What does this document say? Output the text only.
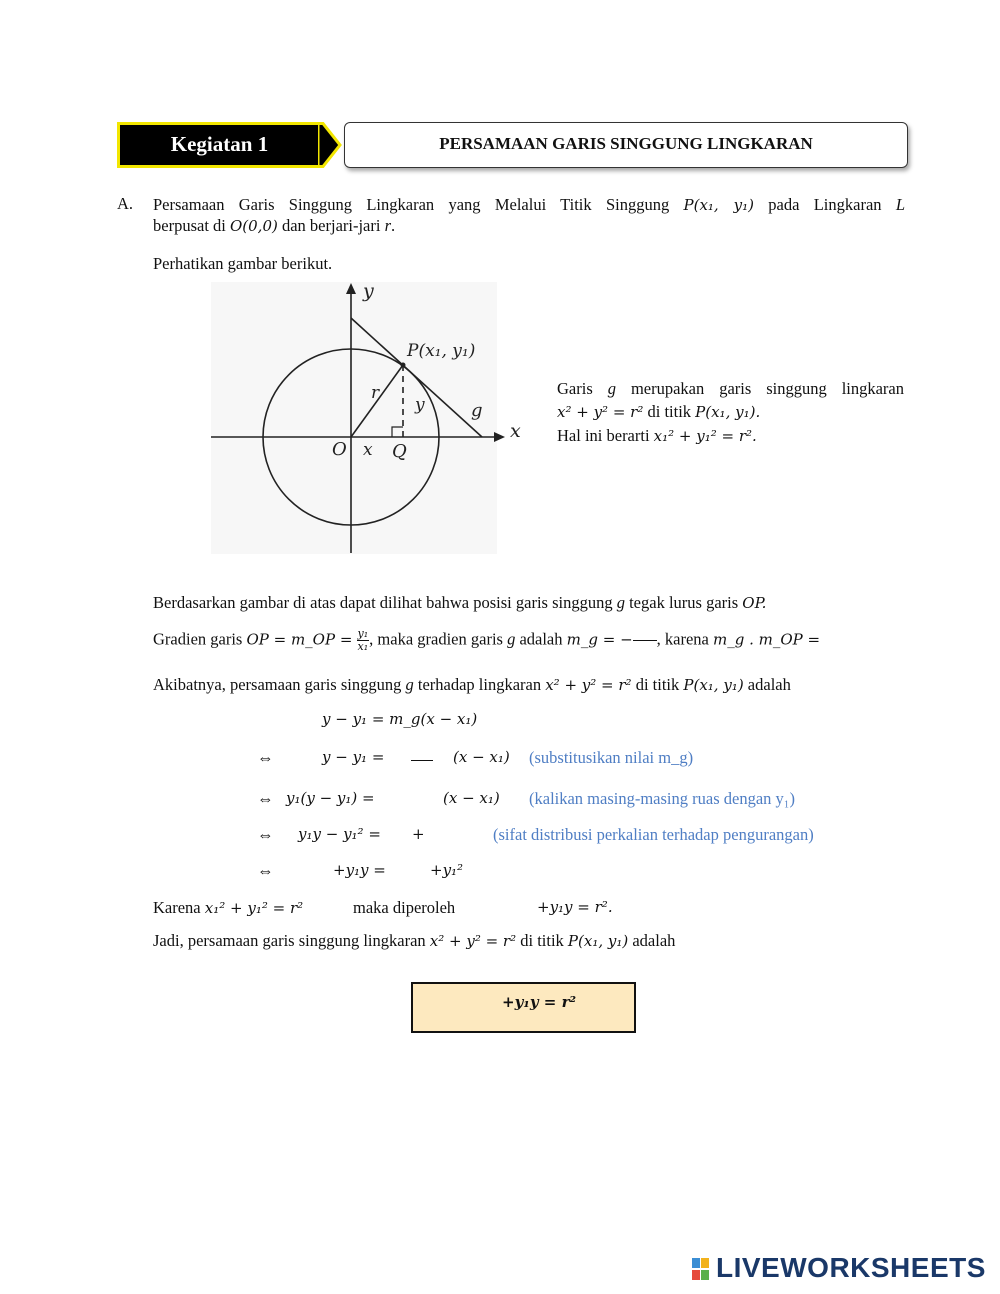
Kegiatan 1	PERSAMAAN GARIS SINGGUNG LINGKARAN
A. Persamaan Garis Singgung Lingkaran yang Melalui Titik Singgung P(x₁, y₁) pada Lingkaran L
berpusat di O(0,0) dan berjari-jari r.
Perhatikan gambar berikut.
y
x
P(x₁, y₁)
r
y	g
O x Q
Garis g merupakan garis singgung lingkaran
x² + y² = r² di titik P(x₁, y₁).
Hal ini berarti x₁² + y₁² = r².
Berdasarkan gambar di atas dapat dilihat bahwa posisi garis singgung g tegak lurus garis OP.
Gradien garis OP = m_OP = $\frac{\text{y₁}}{\text{x₁}}$ , maka gradien garis g adalah m_g = − , karena m_g . m_OP =
Akibatnya, persamaan garis singgung g terhadap lingkaran x² + y² = r² di titik P(x₁, y₁) adalah
y − y₁ = m_g(x − x₁)
⇔	y − y₁ =	(x − x₁) (substitusikan nilai m_g)
⇔ y₁(y − y₁) =	(x − x₁) (kalikan masing-masing ruas dengan y₁)
⇔ y₁y − y₁² = +	(sifat distribusi perkalian terhadap pengurangan)
⇔	+y₁y =	+y₁²
Karena x₁² + y₁² = r²	maka diperoleh	+y₁y = r².
Jadi, persamaan garis singgung lingkaran x² + y² = r² di titik P(x₁, y₁) adalah
+y₁y = r²
LIVEWORKSHEETS
